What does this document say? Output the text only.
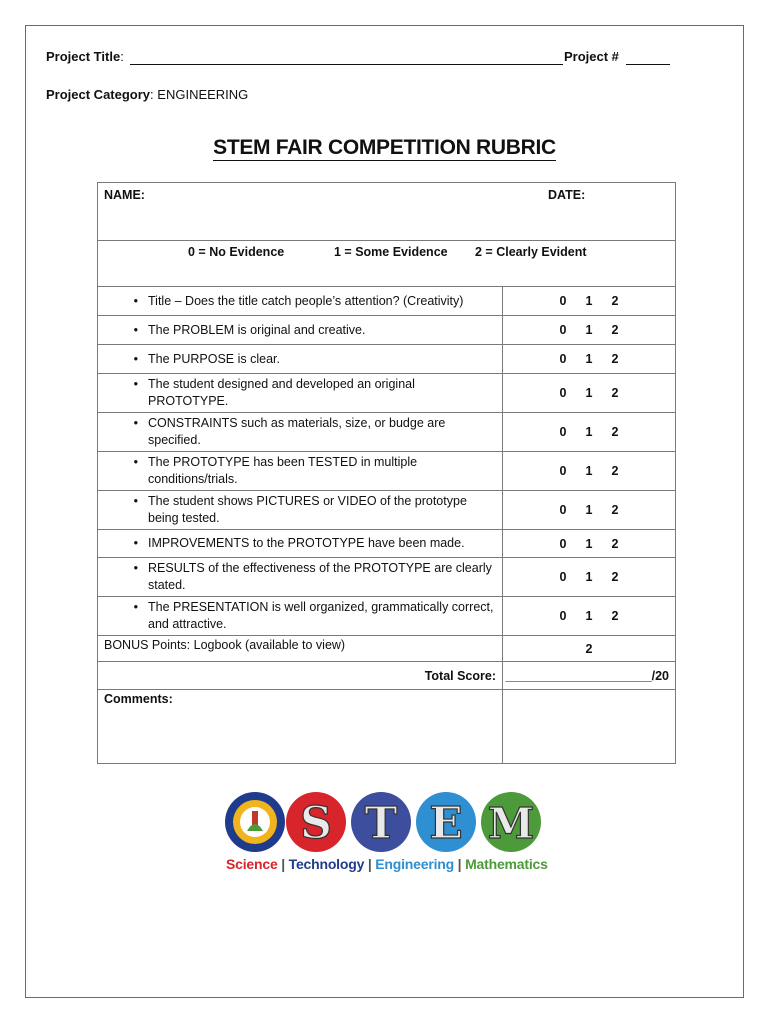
Project Title:	Project #
Project Category: ENGINEERING
STEM FAIR COMPETITION RUBRIC
NAME: DATE:	

0 = No Evidence 1 = Some Evidence 2 = Clearly Evident	

• Title – Does the title catch people’s attention? (Creativity)	0 1 2

• The PROBLEM is original and creative.	0 1 2

• The PURPOSE is clear.	0 1 2

• The student designed and developed an original PROTOTYPE.	0 1 2

• CONSTRAINTS such as materials, size, or budge are specified.	0 1 2

• The PROTOTYPE has been TESTED in multiple
conditions/trials.	0 1 2

• The student shows PICTURES or VIDEO of the prototype
being tested.	0 1 2

• IMPROVEMENTS to the PROTOTYPE have been made.	0 1 2

• RESULTS of the effectiveness of the PROTOTYPE are clearly
stated.	0 1 2

• The PRESENTATION is well organized, grammatically correct,
and attractive.	0 1 2

BONUS Points: Logbook (available to view)	2
Total Score:	_____________________/20

Comments:	

S T E M
Science | Technology | Engineering | Mathematics
